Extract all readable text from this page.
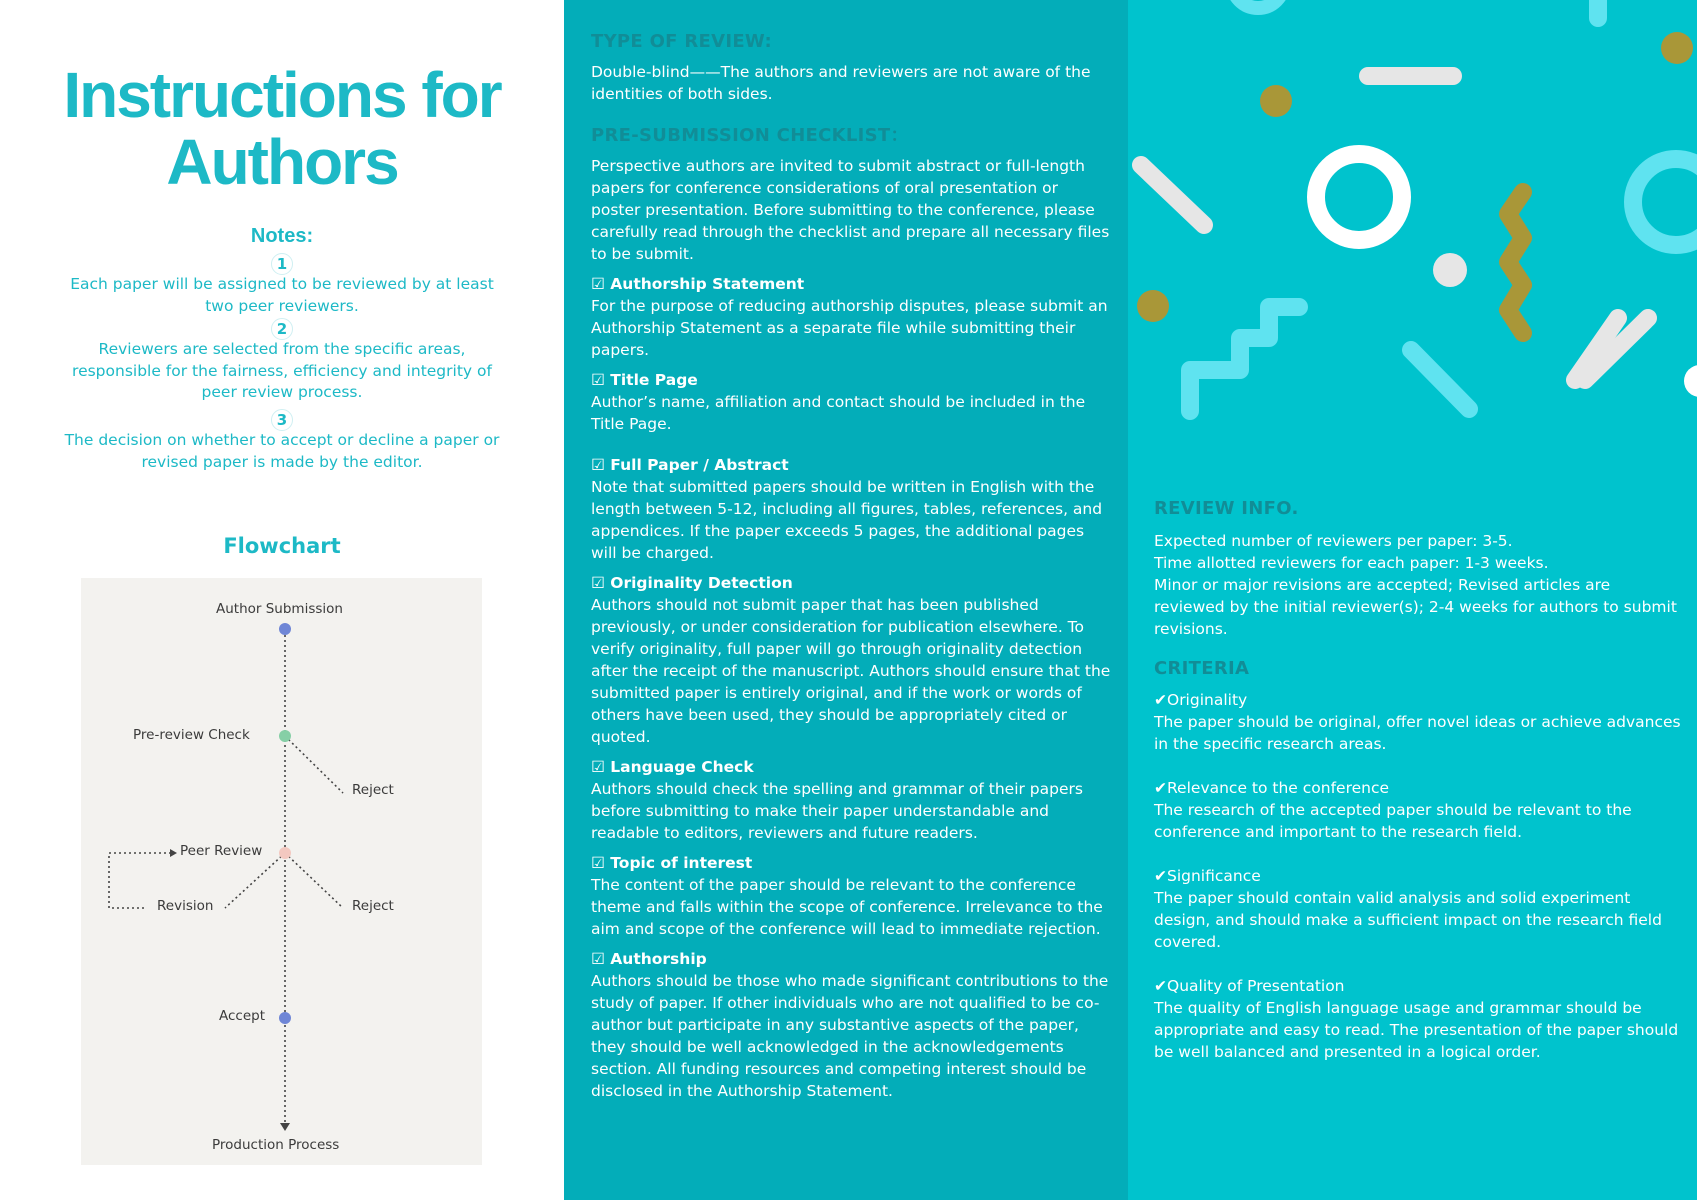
Instructions for
Authors
Notes:
1
Each paper will be assigned to be reviewed by at least two peer reviewers.
2
Reviewers are selected from the specific areas, responsible for the fairness, efficiency and integrity of peer review process.
3
The decision on whether to accept or decline a paper or revised paper is made by the editor.
Flowchart
Author Submission
Pre-review Check
Reject
Peer Review
Revision	Reject
Accept
Production Process
TYPE OF REVIEW:

Double-blind——The authors and reviewers are not aware of the identities of both sides.

PRE-SUBMISSION CHECKLIST：

Perspective authors are invited to submit abstract or full-length papers for conference considerations of oral presentation or poster presentation. Before submitting to the conference, please carefully read through the checklist and prepare all necessary files to be submit.

☑ Authorship Statement

For the purpose of reducing authorship disputes, please submit an Authorship Statement as a separate file while submitting their papers.

☑ Title Page

Author’s name, affiliation and contact should be included in the Title Page.

☑ Full Paper / Abstract

Note that submitted papers should be written in English with the length between 5-12, including all figures, tables, references, and appendices. If the paper exceeds 5 pages, the additional pages will be charged.

☑ Originality Detection

Authors should not submit paper that has been published previously, or under consideration for publication elsewhere. To verify originality, full paper will go through originality detection after the receipt of the manuscript. Authors should ensure that the submitted paper is entirely original, and if the work or words of others have been used, they should be appropriately cited or quoted.

☑ Language Check

Authors should check the spelling and grammar of their papers before submitting to make their paper understandable and readable to editors, reviewers and future readers.

☑ Topic of interest

The content of the paper should be relevant to the conference theme and falls within the scope of conference. Irrelevance to the aim and scope of the conference will lead to immediate rejection.

☑ Authorship

Authors should be those who made significant contributions to the study of paper. If other individuals who are not qualified to be co-author but participate in any substantive aspects of the paper, they should be well acknowledged in the acknowledgements section. All funding resources and competing interest should be disclosed in the Authorship Statement.

REVIEW INFO.

Expected number of reviewers per paper: 3-5.

Time allotted reviewers for each paper: 1-3 weeks.

Minor or major revisions are accepted; Revised articles are reviewed by the initial reviewer(s); 2-4 weeks for authors to submit revisions.

CRITERIA
✔Originality

The paper should be original, offer novel ideas or achieve advances in the specific research areas.

✔Relevance to the conference

The research of the accepted paper should be relevant to the conference and important to the research field.

✔Significance

The paper should contain valid analysis and solid experiment design, and should make a sufficient impact on the research field covered.

✔Quality of Presentation

The quality of English language usage and grammar should be appropriate and easy to read. The presentation of the paper should be well balanced and presented in a logical order.
